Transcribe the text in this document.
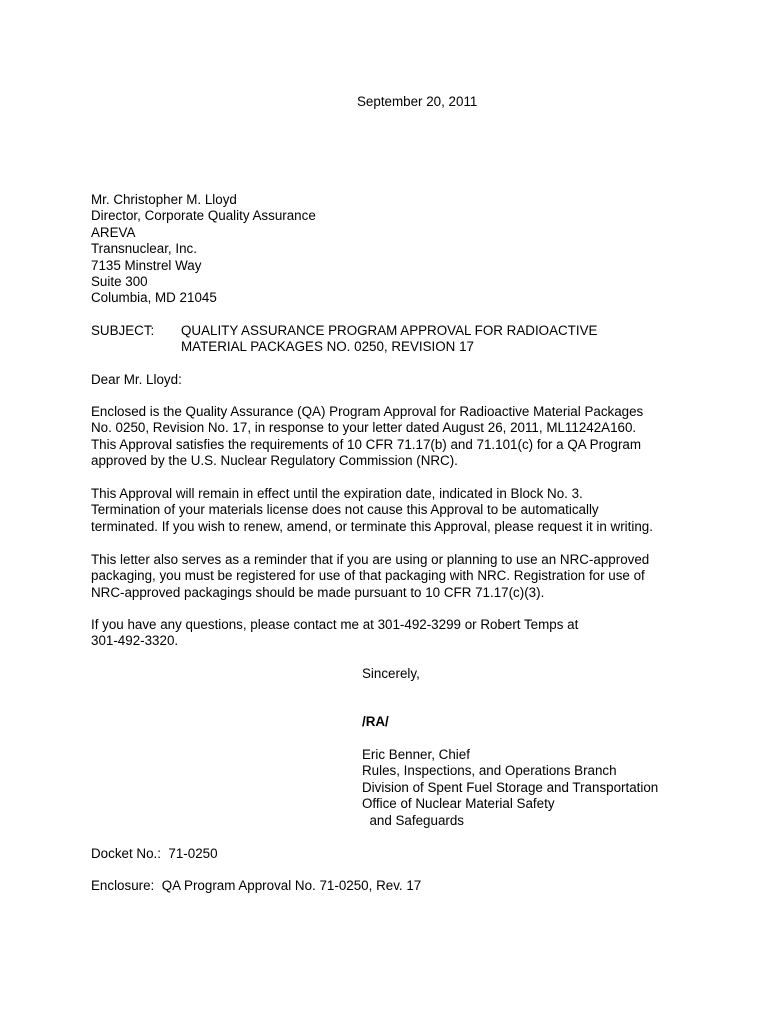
September 20, 2011
Mr. Christopher M. Lloyd
Director, Corporate Quality Assurance
AREVA
Transnuclear, Inc.
7135 Minstrel Way
Suite 300
Columbia, MD 21045
SUBJECT: QUALITY ASSURANCE PROGRAM APPROVAL FOR RADIOACTIVE
MATERIAL PACKAGES NO. 0250, REVISION 17
Dear Mr. Lloyd:
Enclosed is the Quality Assurance (QA) Program Approval for Radioactive Material Packages
No. 0250, Revision No. 17, in response to your letter dated August 26, 2011, ML11242A160.
This Approval satisfies the requirements of 10 CFR 71.17(b) and 71.101(c) for a QA Program
approved by the U.S. Nuclear Regulatory Commission (NRC).
This Approval will remain in effect until the expiration date, indicated in Block No. 3.
Termination of your materials license does not cause this Approval to be automatically
terminated. If you wish to renew, amend, or terminate this Approval, please request it in writing.
This letter also serves as a reminder that if you are using or planning to use an NRC-approved
packaging, you must be registered for use of that packaging with NRC. Registration for use of
NRC-approved packagings should be made pursuant to 10 CFR 71.17(c)(3).
If you have any questions, please contact me at 301-492-3299 or Robert Temps at
301-492-3320.
Sincerely,
/RA/
Eric Benner, Chief
Rules, Inspections, and Operations Branch
Division of Spent Fuel Storage and Transportation
Office of Nuclear Material Safety
and Safeguards
Docket No.:  71-0250
Enclosure:  QA Program Approval No. 71-0250, Rev. 17
